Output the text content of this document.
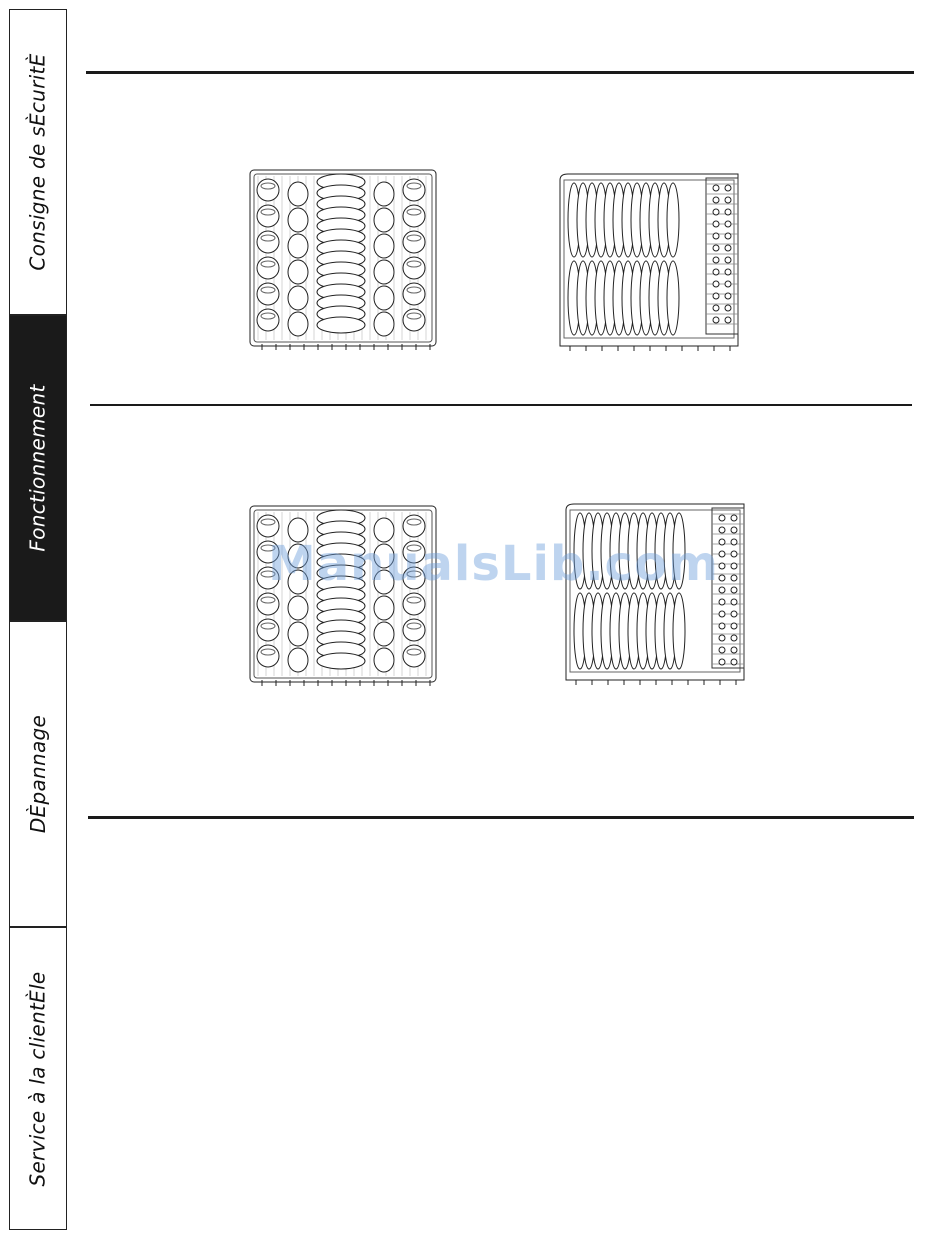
Consigne de sÈcuritÈ
Fonctionnement
DÈpannage
Service à la clientÈle
ManualsLib.com
